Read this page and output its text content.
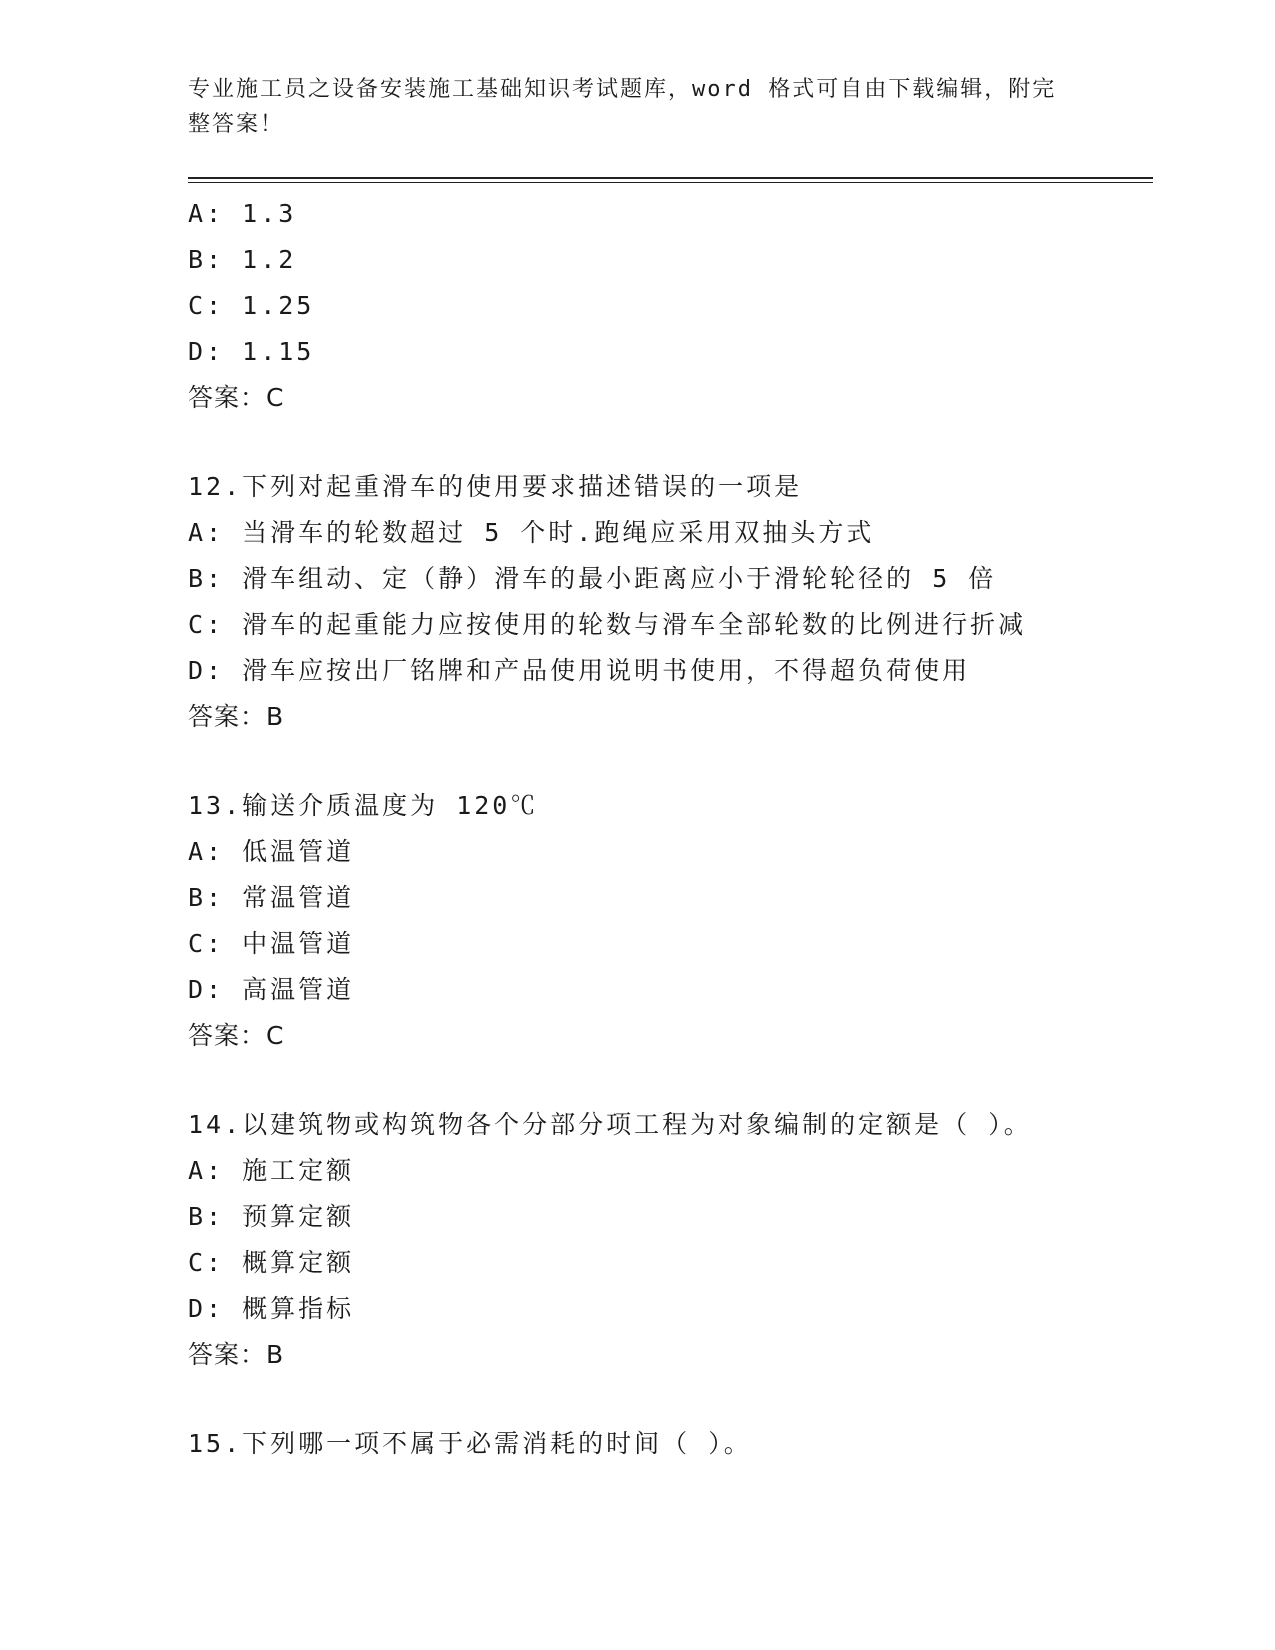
专业施工员之设备安装施工基础知识考试题库，word 格式可自由下载编辑，附完整答案！
A: 1.3
B: 1.2
C: 1.25
D: 1.15
答案：C
12.下列对起重滑车的使用要求描述错误的一项是
A: 当滑车的轮数超过 5 个时.跑绳应采用双抽头方式
B: 滑车组动、定（静）滑车的最小距离应小于滑轮轮径的 5 倍
C: 滑车的起重能力应按使用的轮数与滑车全部轮数的比例进行折减
D: 滑车应按出厂铭牌和产品使用说明书使用，不得超负荷使用
答案：B
13.输送介质温度为 120℃
A: 低温管道
B: 常温管道
C: 中温管道
D: 高温管道
答案：C
14.以建筑物或构筑物各个分部分项工程为对象编制的定额是（ ）。
A: 施工定额
B: 预算定额
C: 概算定额
D: 概算指标
答案：B
15.下列哪一项不属于必需消耗的时间（ ）。
